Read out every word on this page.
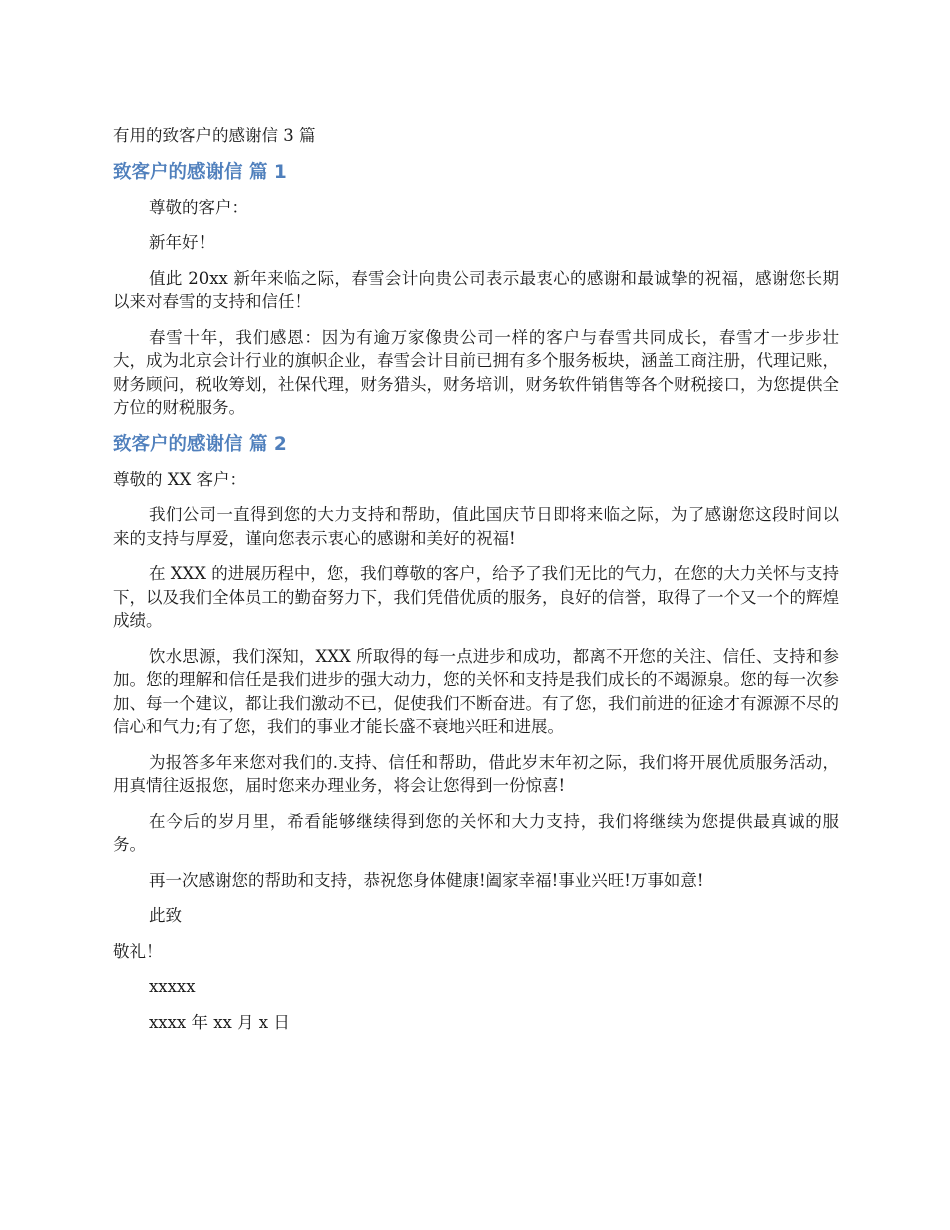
有用的致客户的感谢信 3 篇

致客户的感谢信 篇 1

尊敬的客户：

新年好！

值此 20xx 新年来临之际，春雪会计向贵公司表示最衷心的感谢和最诚挚的祝福，感谢您长期以来对春雪的支持和信任！

春雪十年，我们感恩：因为有逾万家像贵公司一样的客户与春雪共同成长，春雪才一步步壮大，成为北京会计行业的旗帜企业，春雪会计目前已拥有多个服务板块，涵盖工商注册，代理记账，财务顾问，税收筹划，社保代理，财务猎头，财务培训，财务软件销售等各个财税接口，为您提供全方位的财税服务。

致客户的感谢信 篇 2

尊敬的 XX 客户：

我们公司一直得到您的大力支持和帮助，值此国庆节日即将来临之际，为了感谢您这段时间以来的支持与厚爱，谨向您表示衷心的感谢和美好的祝福!

在 XXX 的进展历程中，您，我们尊敬的客户，给予了我们无比的气力，在您的大力关怀与支持下，以及我们全体员工的勤奋努力下，我们凭借优质的服务，良好的信誉，取得了一个又一个的辉煌成绩。

饮水思源，我们深知，XXX 所取得的每一点进步和成功，都离不开您的关注、信任、支持和参加。您的理解和信任是我们进步的强大动力，您的关怀和支持是我们成长的不竭源泉。您的每一次参加、每一个建议，都让我们激动不已，促使我们不断奋进。有了您，我们前进的征途才有源源不尽的信心和气力;有了您，我们的事业才能长盛不衰地兴旺和进展。

为报答多年来您对我们的.支持、信任和帮助，借此岁末年初之际，我们将开展优质服务活动，用真情往返报您，届时您来办理业务，将会让您得到一份惊喜!

在今后的岁月里，希看能够继续得到您的关怀和大力支持，我们将继续为您提供最真诚的服务。

再一次感谢您的帮助和支持，恭祝您身体健康!阖家幸福!事业兴旺!万事如意!

此致

敬礼！

xxxxx

xxxx 年 xx 月 x 日
